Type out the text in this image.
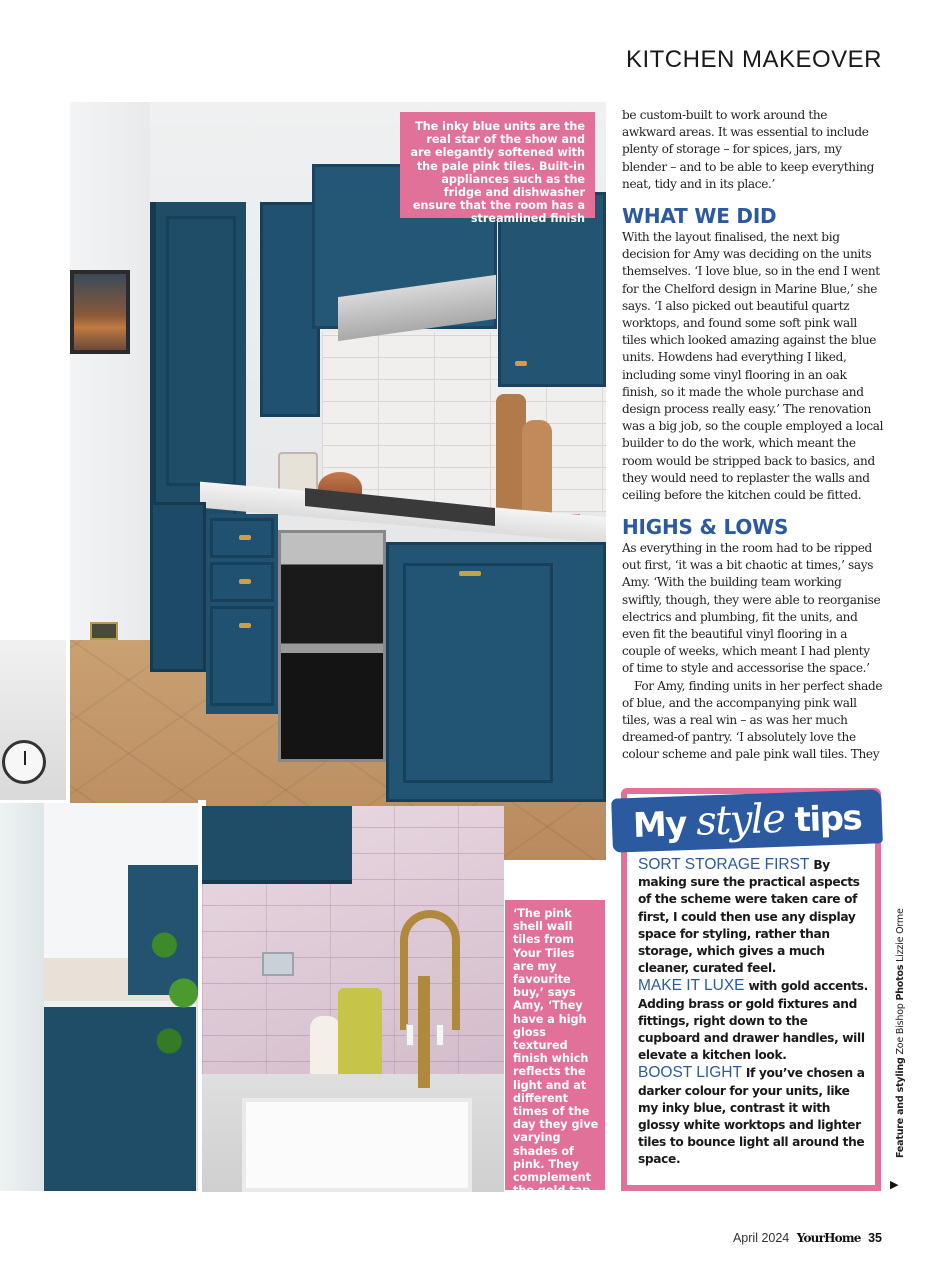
KITCHEN MAKEOVER
The inky blue units are the real star of the show and are elegantly softened with the pale pink tiles. Built-in appliances such as the fridge and dishwasher ensure that the room has a streamlined finish
‘The pink shell wall tiles from Your Tiles are my favourite buy,’ says Amy, ‘They have a high gloss textured finish which reflects the light and at different times of the day they give varying shades of pink. They complement the gold tap and quartz worktops perfectly’

be custom-built to work around the awkward areas. It was essential to include plenty of storage – for spices, jars, my blender – and to be able to keep everything neat, tidy and in its place.’

WHAT WE DID

With the layout finalised, the next big decision for Amy was deciding on the units themselves. ‘I love blue, so in the end I went for the Chelford design in Marine Blue,’ she says. ‘I also picked out beautiful quartz worktops, and found some soft pink wall tiles which looked amazing against the blue units. Howdens had everything I liked, including some vinyl flooring in an oak finish, so it made the whole purchase and design process really easy.’ The renovation was a big job, so the couple employed a local builder to do the work, which meant the room would be stripped back to basics, and they would need to replaster the walls and ceiling before the kitchen could be fitted.

HIGHS & LOWS

As everything in the room had to be ripped out first, ‘it was a bit chaotic at times,’ says Amy. ‘With the building team working swiftly, though, they were able to reorganise electrics and plumbing, fit the units, and even fit the beautiful vinyl flooring in a couple of weeks, which meant I had plenty of time to style and accessorise the space.’

For Amy, finding units in her perfect shade of blue, and the accompanying pink wall tiles, was a real win – as was her much dreamed-of pantry. ‘I absolutely love the colour scheme and pale pink wall tiles. They

My style tips

SORT STORAGE FIRST By making sure the practical aspects of the scheme were taken care of first, I could then use any display space for styling, rather than storage, which gives a much cleaner, curated feel.

MAKE IT LUXE with gold accents. Adding brass or gold fixtures and fittings, right down to the cupboard and drawer handles, will elevate a kitchen look.

BOOST LIGHT If you’ve chosen a darker colour for your units, like my inky blue, contrast it with glossy white worktops and lighter tiles to bounce light all around the space.

Feature and styling Zoe Bishop Photos Lizzie Orme
▶
April 2024 YourHome 35
